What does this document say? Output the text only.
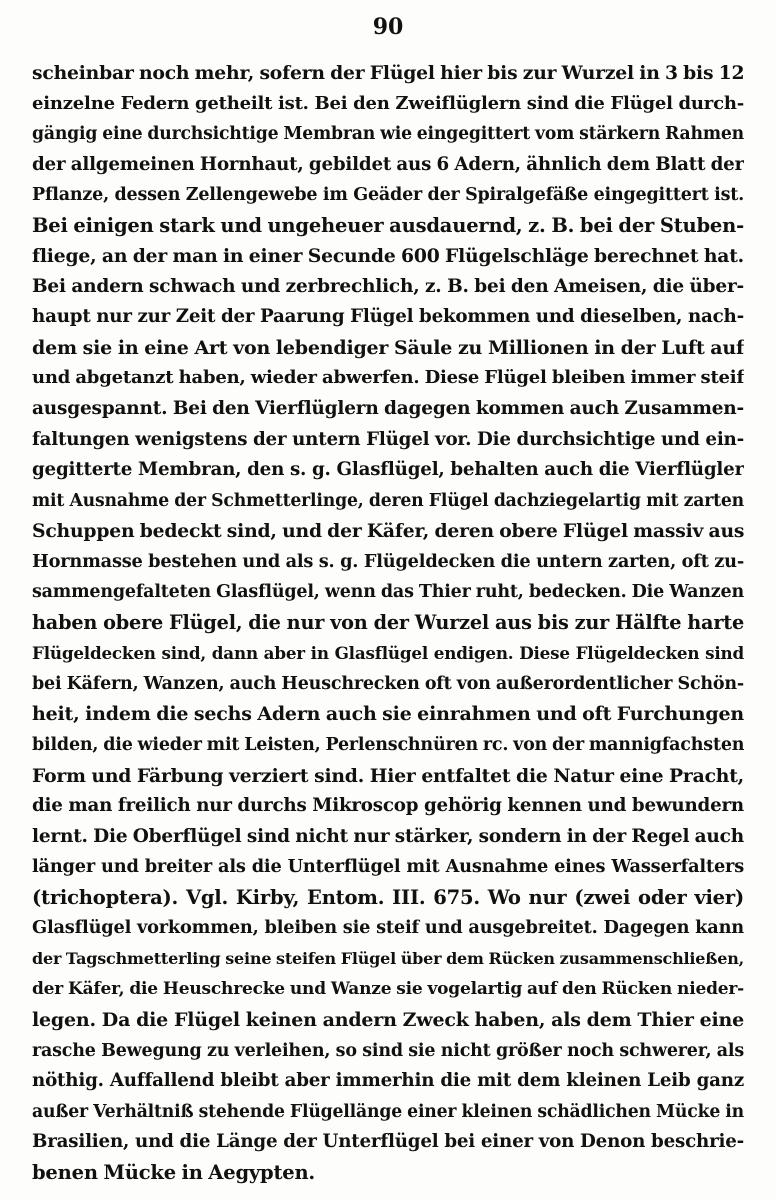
90
scheinbar noch mehr, sofern der Flügel hier bis zur Wurzel in 3 bis 12
einzelne Federn getheilt ist. Bei den Zweiflüglern sind die Flügel durch-
gängig eine durchsichtige Membran wie eingegittert vom stärkern Rahmen
der allgemeinen Hornhaut, gebildet aus 6 Adern, ähnlich dem Blatt der
Pflanze, dessen Zellengewebe im Geäder der Spiralgefäße eingegittert ist.
Bei einigen stark und ungeheuer ausdauernd, z. B. bei der Stuben-
fliege, an der man in einer Secunde 600 Flügelschläge berechnet hat.
Bei andern schwach und zerbrechlich, z. B. bei den Ameisen, die über-
haupt nur zur Zeit der Paarung Flügel bekommen und dieselben, nach-
dem sie in eine Art von lebendiger Säule zu Millionen in der Luft auf
und abgetanzt haben, wieder abwerfen. Diese Flügel bleiben immer steif
ausgespannt. Bei den Vierflüglern dagegen kommen auch Zusammen-
faltungen wenigstens der untern Flügel vor. Die durchsichtige und ein-
gegitterte Membran, den s. g. Glasflügel, behalten auch die Vierflügler
mit Ausnahme der Schmetterlinge, deren Flügel dachziegelartig mit zarten
Schuppen bedeckt sind, und der Käfer, deren obere Flügel massiv aus
Hornmasse bestehen und als s. g. Flügeldecken die untern zarten, oft zu-
sammengefalteten Glasflügel, wenn das Thier ruht, bedecken. Die Wanzen
haben obere Flügel, die nur von der Wurzel aus bis zur Hälfte harte
Flügeldecken sind, dann aber in Glasflügel endigen. Diese Flügeldecken sind
bei Käfern, Wanzen, auch Heuschrecken oft von außerordentlicher Schön-
heit, indem die sechs Adern auch sie einrahmen und oft Furchungen
bilden, die wieder mit Leisten, Perlenschnüren rc. von der mannigfachsten
Form und Färbung verziert sind. Hier entfaltet die Natur eine Pracht,
die man freilich nur durchs Mikroscop gehörig kennen und bewundern
lernt. Die Oberflügel sind nicht nur stärker, sondern in der Regel auch
länger und breiter als die Unterflügel mit Ausnahme eines Wasserfalters
(trichoptera). Vgl. Kirby, Entom. III. 675. Wo nur (zwei oder vier)
Glasflügel vorkommen, bleiben sie steif und ausgebreitet. Dagegen kann
der Tagschmetterling seine steifen Flügel über dem Rücken zusammenschließen,
der Käfer, die Heuschrecke und Wanze sie vogelartig auf den Rücken nieder-
legen. Da die Flügel keinen andern Zweck haben, als dem Thier eine
rasche Bewegung zu verleihen, so sind sie nicht größer noch schwerer, als
nöthig. Auffallend bleibt aber immerhin die mit dem kleinen Leib ganz
außer Verhältniß stehende Flügellänge einer kleinen schädlichen Mücke in
Brasilien, und die Länge der Unterflügel bei einer von Denon beschrie-
benen Mücke in Aegypten.
